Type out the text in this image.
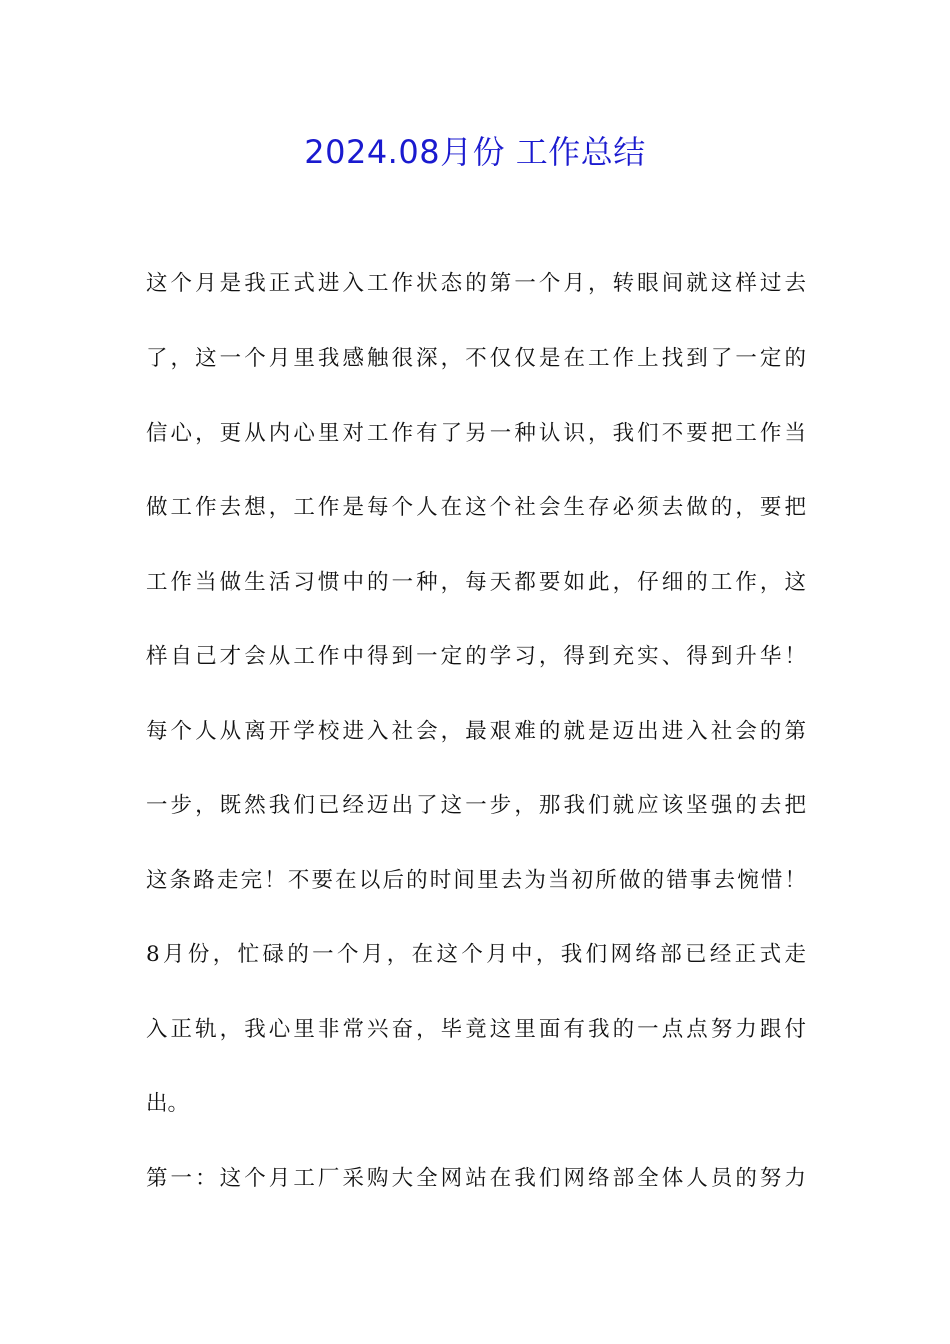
2024.08月份 工作总结
这个月是我正式进入工作状态的第一个月，转眼间就这样过去
了，这一个月里我感触很深，不仅仅是在工作上找到了一定的
信心，更从内心里对工作有了另一种认识，我们不要把工作当
做工作去想，工作是每个人在这个社会生存必须去做的，要把
工作当做生活习惯中的一种，每天都要如此，仔细的工作，这
样自己才会从工作中得到一定的学习，得到充实、得到升华！
每个人从离开学校进入社会，最艰难的就是迈出进入社会的第
一步，既然我们已经迈出了这一步，那我们就应该坚强的去把
这条路走完！不要在以后的时间里去为当初所做的错事去惋惜！
8月份，忙碌的一个月，在这个月中，我们网络部已经正式走
入正轨，我心里非常兴奋，毕竟这里面有我的一点点努力跟付
出。
第一：这个月工厂采购大全网站在我们网络部全体人员的努力
